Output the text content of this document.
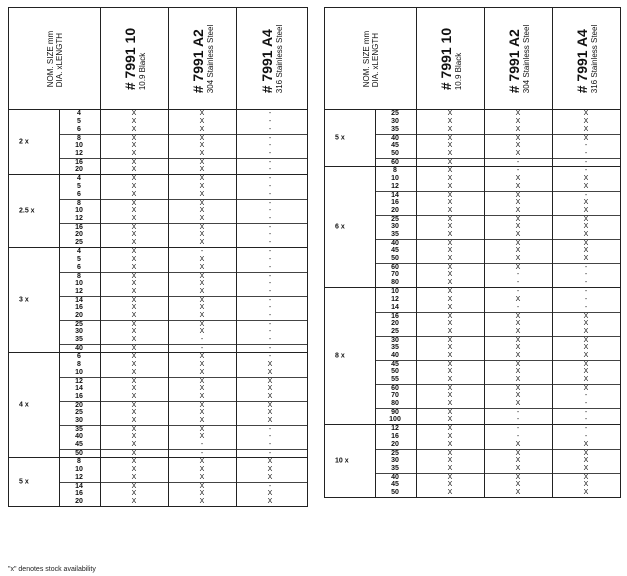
NOM. SIZE mm DIA. xLENGTH	# 7991 10 10.9 Black	# 7991 A2 304 Stainless Steel	# 7991 A4 316 Stainless Steel
2 x
4	X	X	-
5	X	X	-
6	X	X	-
8	X	X	-
10	X	X	-
12	X	X	-
16	X	X	-
20	X	X	-
2.5 x
4	X	X	-
5	X	X	-
6	X	X	-
8	X	X	-
10	X	X	-
12	X	X	-
16	X	X	-
20	X	X	-
25	X	X	-
3 x
4	X	-	-
5	X	X	-
6	X	X	-
8	X	X	-
10	X	X	-
12	X	X	-
14	X	X	-
16	X	X	-
20	X	X	-
25	X	X	-
30	X	X	-
35	X	-	-
40	X	-	-
4 x
6	X	X	-
8	X	X	X
10	X	X	X
12	X	X	X
14	X	X	X
16	X	X	X
20	X	X	X
25	X	X	X
30	X	X	X
35	X	X	-
40	X	X	-
45	X	-	-
50	X	-	-
5 x
8	X	X	X
10	X	X	X
12	X	X	X
14	X	X	-
16	X	X	X
20	X	X	X
NOM. SIZE mm DIA. xLENGTH	# 7991 10 10.9 Black	# 7991 A2 304 Stainless Steel	# 7991 A4 316 Stainless Steel
5 x
25	X	X	X
30	X	X	X
35	X	X	X
40	X	X	X
45	X	X	-
50	X	X	-
60	X	-	-
6 x
8	X	-	-
10	X	X	X
12	X	X	X
14	X	X	-
16	X	X	X
20	X	X	X
25	X	X	X
30	X	X	X
35	X	X	X
40	X	X	X
45	X	X	X
50	X	X	X
60	X	X	-
70	X	-	-
80	X	-	-
8 x
10	X	-	-
12	X	X	-
14	X	-	-
16	X	X	X
20	X	X	X
25	X	X	X
30	X	X	X
35	X	X	X
40	X	X	X
45	X	X	X
50	X	X	X
55	X	X	X
60	X	X	X
70	X	X	-
80	X	X	-
90	X	-	-
100	X	-	-
10 x
12	X	-	-
16	X	-	-
20	X	X	X
25	X	X	X
30	X	X	X
35	X	X	X
40	X	X	X
45	X	X	X
50	X	X	X
"x" denotes stock availability
